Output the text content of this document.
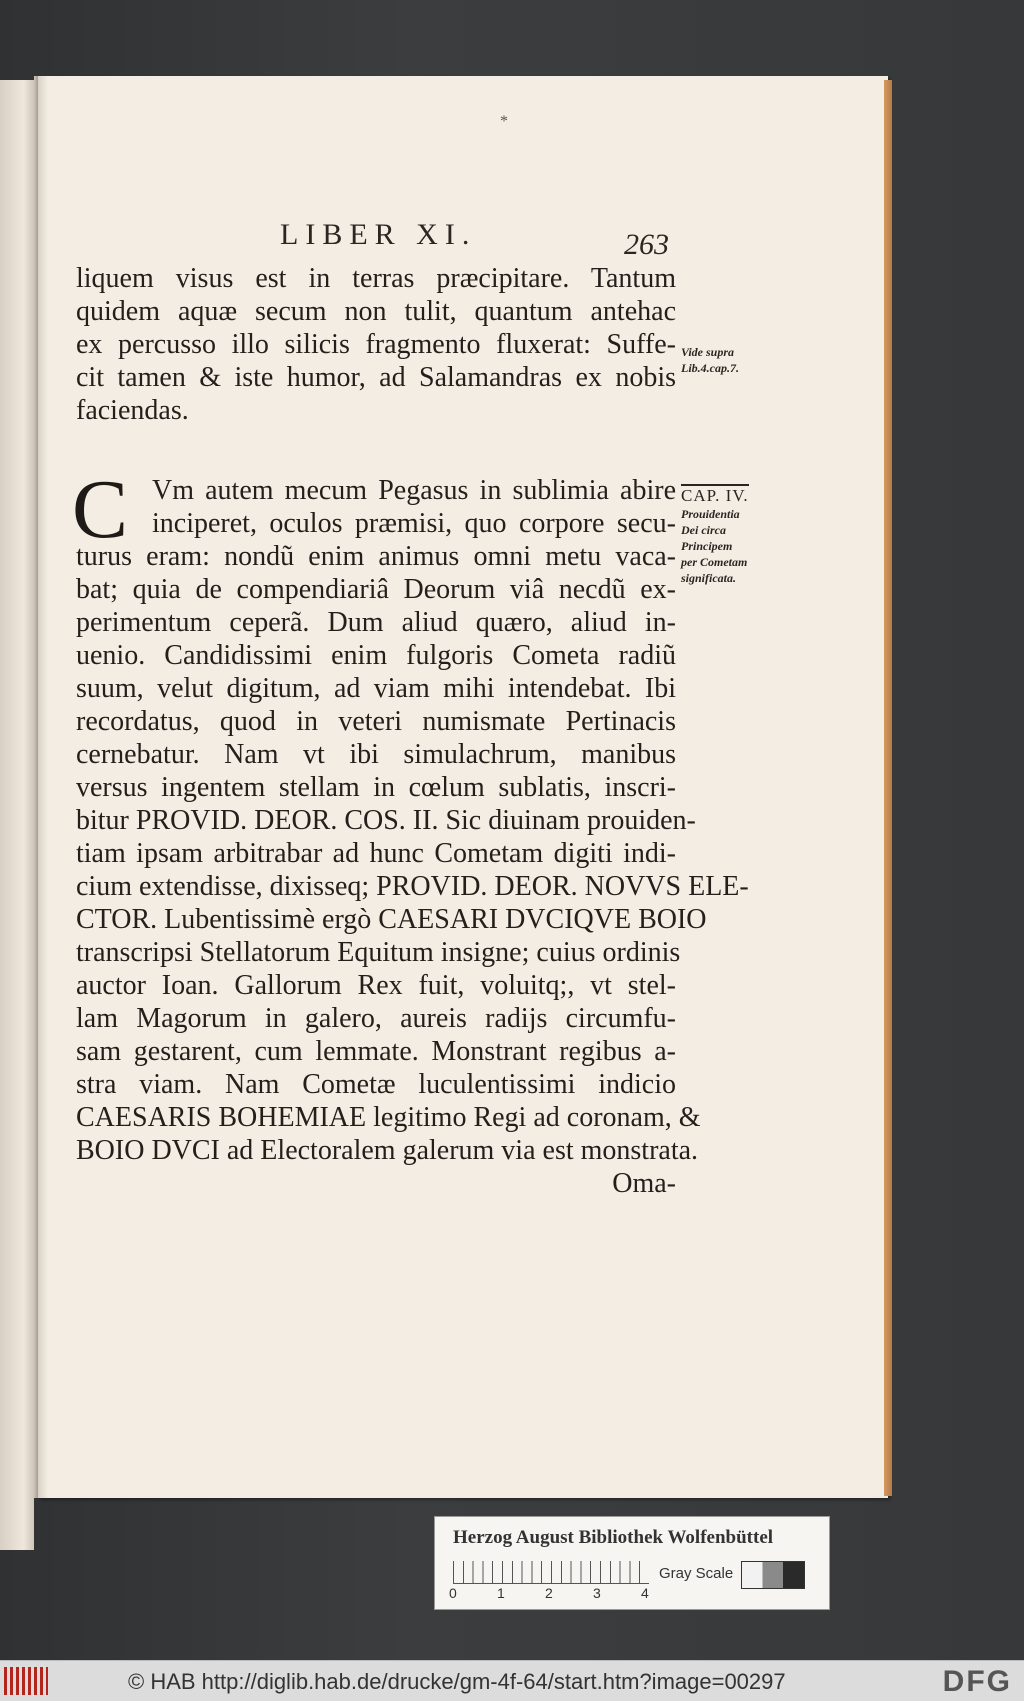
*
LIBER XI.	263
liquem visus est in terras præcipitare. Tantum
quidem aquæ secum non tulit, quantum antehac
ex percusso illo silicis fragmento fluxerat: Suffe-
cit tamen & iste humor, ad Salamandras ex nobis
faciendas.
C Vm autem mecum Pegasus in sublimia abire
inciperet, oculos præmisi, quo corpore secu-
turus eram: nondũ enim animus omni metu vaca-
bat; quia de compendiariâ Deorum viâ necdũ ex-
perimentum ceperã. Dum aliud quæro, aliud in-
uenio. Candidissimi enim fulgoris Cometa radiũ
suum, velut digitum, ad viam mihi intendebat. Ibi
recordatus, quod in veteri numismate Pertinacis
cernebatur. Nam vt ibi simulachrum, manibus
versus ingentem stellam in cœlum sublatis, inscri-
bitur PROVID. DEOR. COS. II. Sic diuinam prouiden-
tiam ipsam arbitrabar ad hunc Cometam digiti indi-
cium extendisse, dixisseq; PROVID. DEOR. NOVVS ELE-
CTOR. Lubentissimè ergò CAESARI DVCIQVE BOIO
transcripsi Stellatorum Equitum insigne; cuius ordinis
auctor Ioan. Gallorum Rex fuit, voluitq;, vt stel-
lam Magorum in galero, aureis radijs circumfu-
sam gestarent, cum lemmate. Monstrant regibus a-
stra viam. Nam Cometæ luculentissimi indicio
CAESARIS BOHEMIAE legitimo Regi ad coronam, &
BOIO DVCI ad Electoralem galerum via est monstrata.
Oma-
Vide supra
Lib.4.cap.7.
CAP. IV.
Prouidentia
Dei circa
Principem
per Cometam
significata.
Herzog August Bibliothek Wolfenbüttel
0	1	2	3	4
Gray Scale
© HAB http://diglib.hab.de/drucke/gm-4f-64/start.htm?image=00297	DFG
